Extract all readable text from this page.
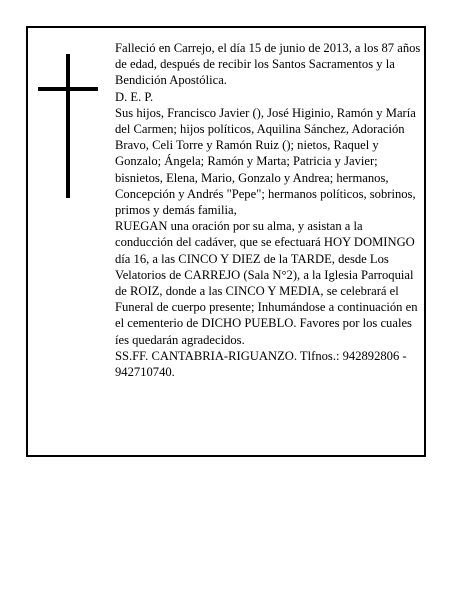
Falleció en Carrejo, el día 15 de junio de 2013, a los 87 años de edad, después de recibir los Santos Sacramentos y la Bendición Apostólica.

D. E. P.

Sus hijos, Francisco Javier (), José Higinio, Ramón y María del Carmen; hijos políticos, Aquilina Sánchez, Adoración Bravo, Celi Torre y Ramón Ruiz (); nietos, Raquel y Gonzalo; Ángela; Ramón y Marta; Patricia y Javier; bisnietos, Elena, Mario, Gonzalo y Andrea; hermanos, Concepción y Andrés "Pepe"; hermanos políticos, sobrinos, primos y demás familia,

RUEGAN una oración por su alma, y asistan a la conducción del cadáver, que se efectuará HOY DOMINGO día 16, a las CINCO Y DIEZ de la TARDE, desde Los Velatorios de CARREJO (Sala N°2), a la Iglesia Parroquial de ROIZ, donde a las CINCO Y MEDIA, se celebrará el Funeral de cuerpo presente; Inhumándose a continuación en el cementerio de DICHO PUEBLO. Favores por los cuales íes quedarán agradecidos.

SS.FF. CANTABRIA-RIGUANZO. Tlfnos.: 942892806 - 942710740.
